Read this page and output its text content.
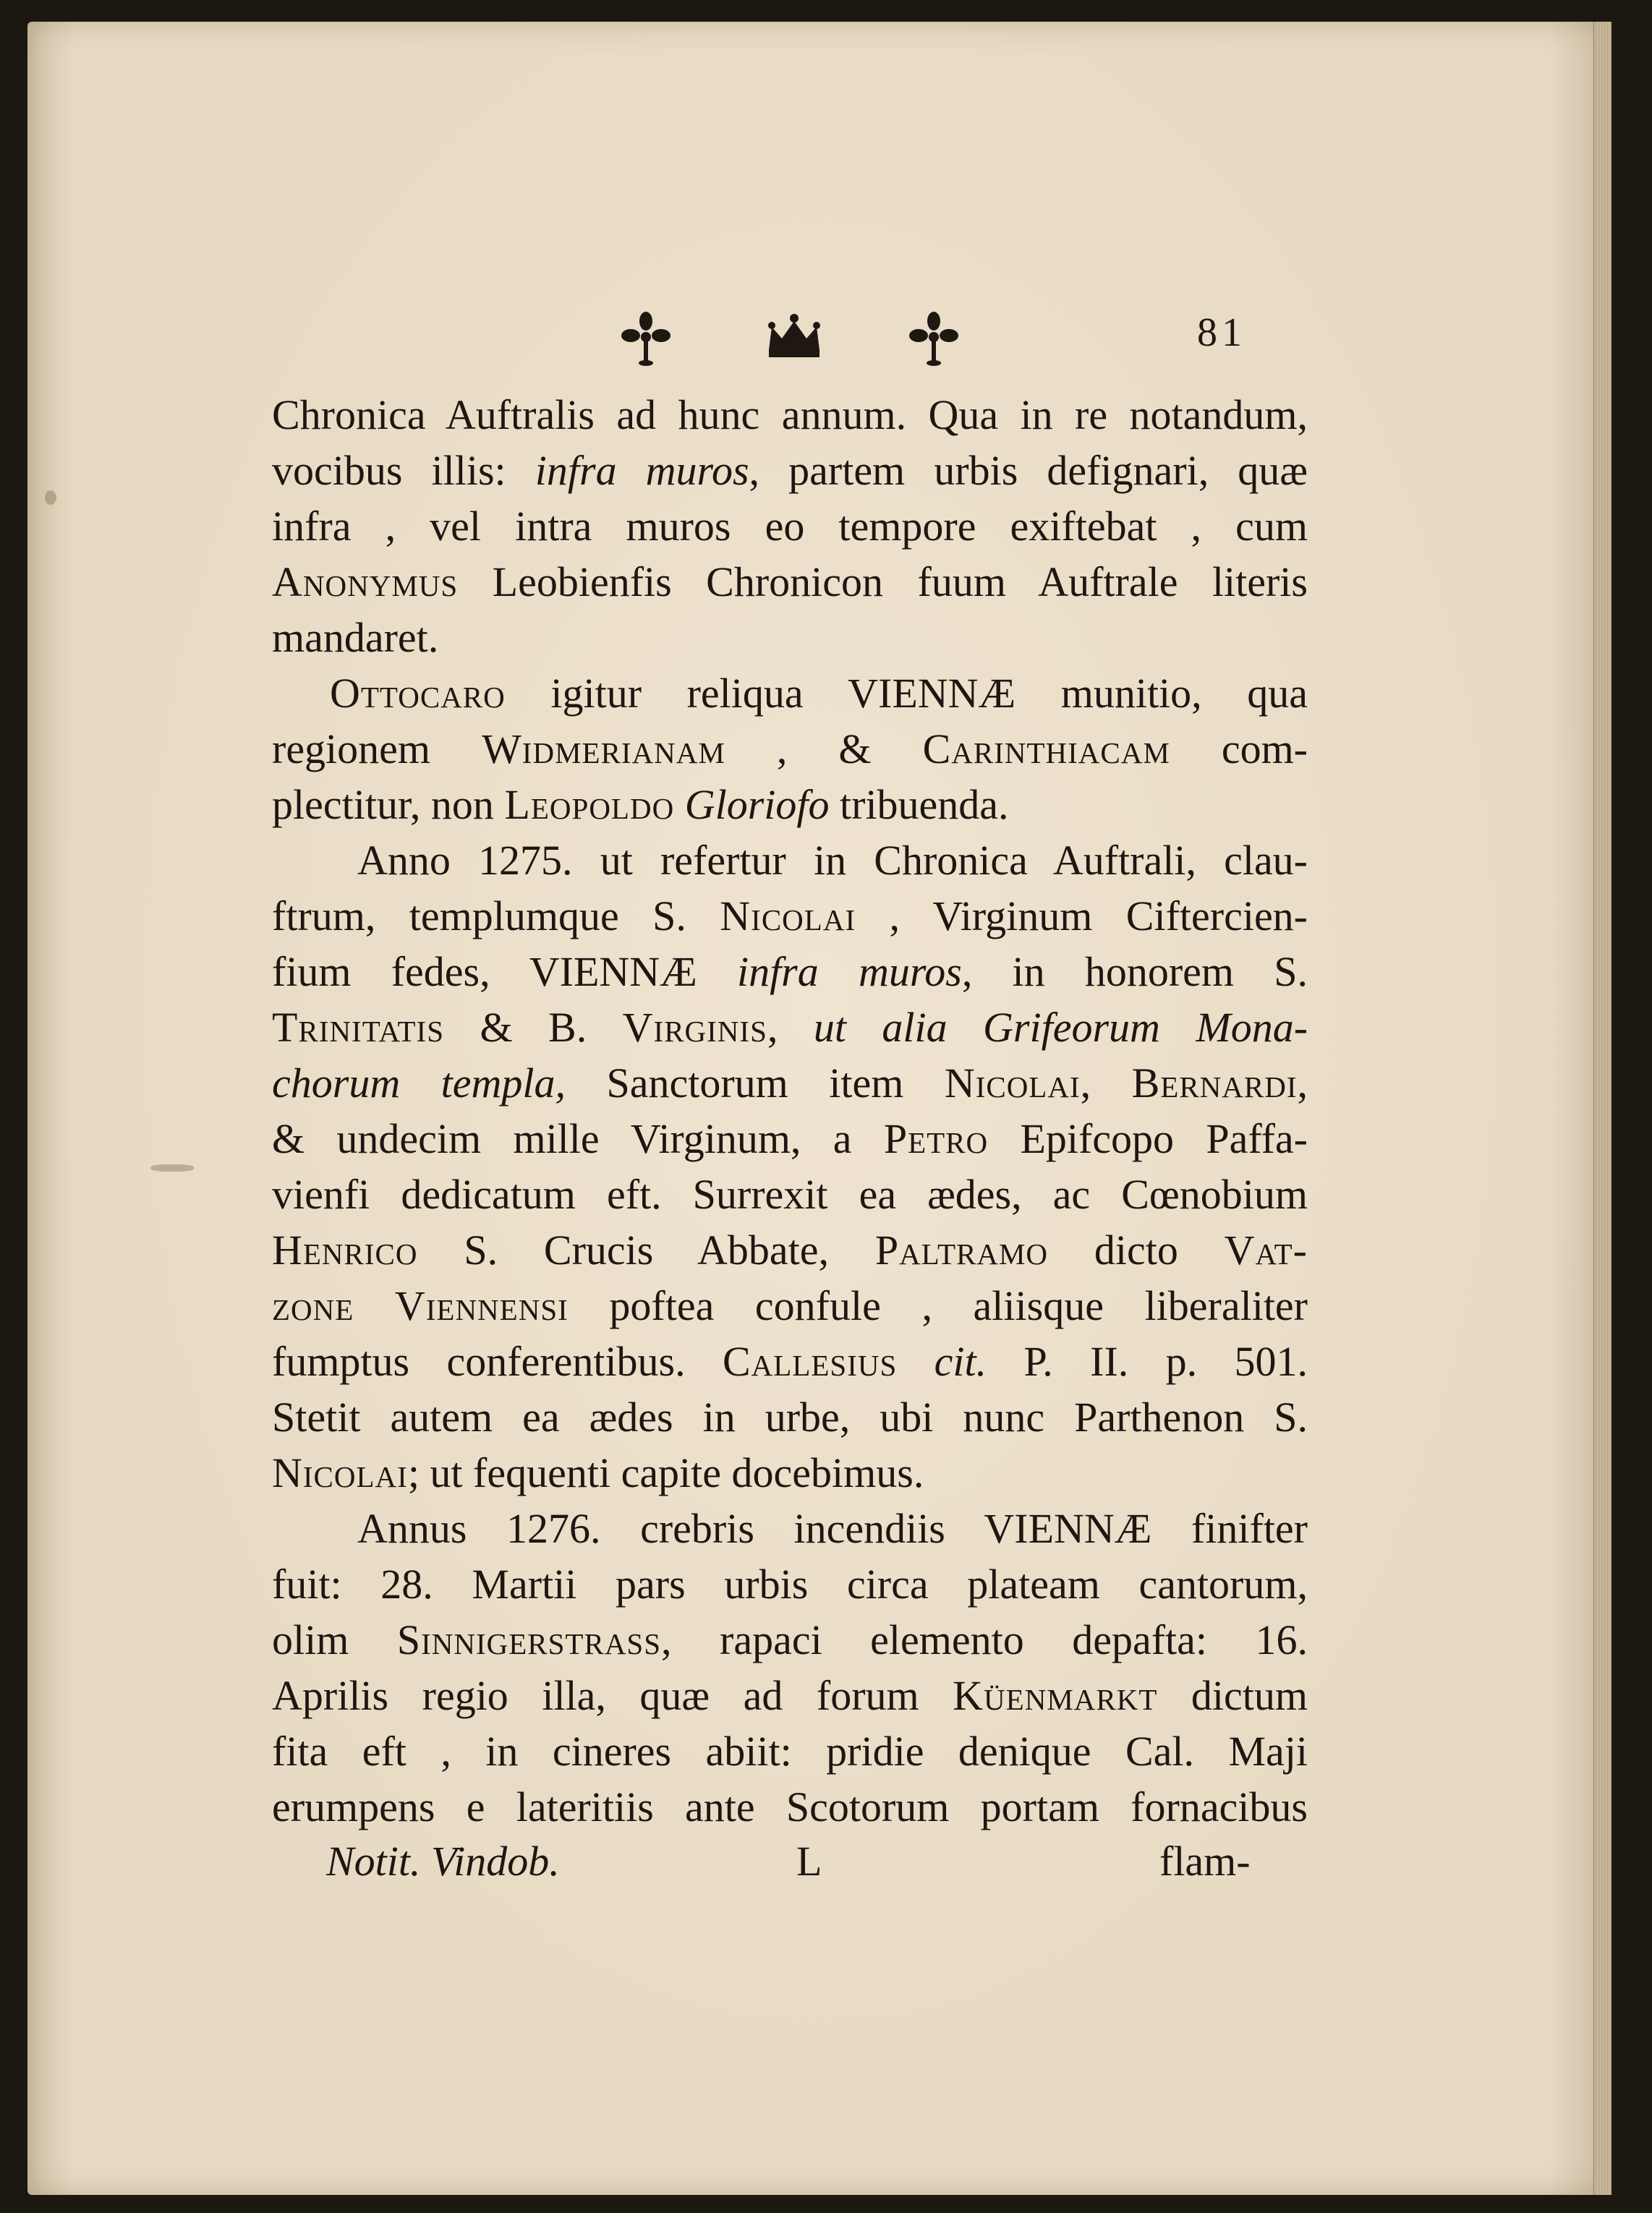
81
Chronica Auftralis ad hunc annum. Qua in re notandum,
vocibus illis: infra muros, partem urbis defignari, quæ
infra , vel intra muros eo tempore exiftebat , cum
Anonymus Leobienfis Chronicon fuum Auftrale literis
mandaret.
Ottocaro igitur reliqua VIENNÆ munitio, qua
regionem Widmerianam , & Carinthiacam com-
plectitur, non Leopoldo Gloriofo tribuenda.
Anno 1275. ut refertur in Chronica Auftrali, clau-
ftrum, templumque S. Nicolai , Virginum Ciftercien-
fium fedes, VIENNÆ infra muros, in honorem S.
Trinitatis & B. Virginis, ut alia Grifeorum Mona-
chorum templa, Sanctorum item Nicolai, Bernardi,
& undecim mille Virginum, a Petro Epifcopo Paffa-
vienfi dedicatum eft. Surrexit ea ædes, ac Cœnobium
Henrico S. Crucis Abbate, Paltramo dicto Vat-
zone Viennensi poftea confule , aliisque liberaliter
fumptus conferentibus. Callesius cit. P. II. p. 501.
Stetit autem ea ædes in urbe, ubi nunc Parthenon S.
Nicolai; ut fequenti capite docebimus.
Annus 1276. crebris incendiis VIENNÆ finifter
fuit: 28. Martii pars urbis circa plateam cantorum,
olim Sinnigerstrass, rapaci elemento depafta: 16.
Aprilis regio illa, quæ ad forum Küenmarkt dictum
fita eft , in cineres abiit: pridie denique Cal. Maji
erumpens e lateritiis ante Scotorum portam fornacibus
Notit. Vindob.	L	flam-
